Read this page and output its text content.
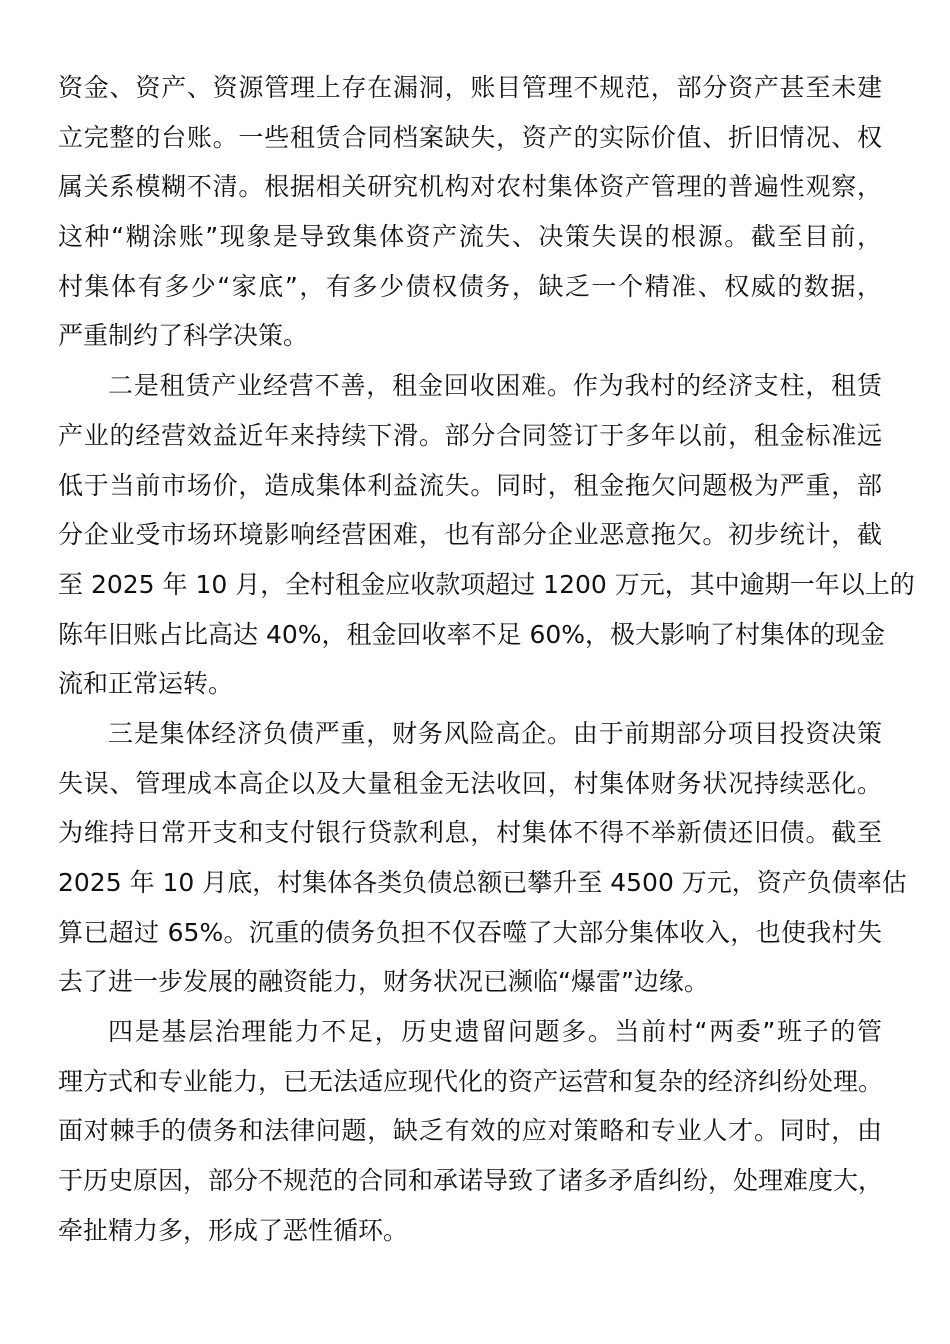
资金、资产、资源管理上存在漏洞，账目管理不规范，部分资产甚至未建
立完整的台账。一些租赁合同档案缺失，资产的实际价值、折旧情况、权
属关系模糊不清。根据相关研究机构对农村集体资产管理的普遍性观察，
这种“糊涂账”现象是导致集体资产流失、决策失误的根源。截至目前，
村集体有多少“家底”，有多少债权债务，缺乏一个精准、权威的数据，
严重制约了科学决策。
二是租赁产业经营不善，租金回收困难。作为我村的经济支柱，租赁
产业的经营效益近年来持续下滑。部分合同签订于多年以前，租金标准远
低于当前市场价，造成集体利益流失。同时，租金拖欠问题极为严重，部
分企业受市场环境影响经营困难，也有部分企业恶意拖欠。初步统计，截
至 2025 年 10 月，全村租金应收款项超过 1200 万元，其中逾期一年以上的
陈年旧账占比高达 40%，租金回收率不足 60%，极大影响了村集体的现金
流和正常运转。
三是集体经济负债严重，财务风险高企。由于前期部分项目投资决策
失误、管理成本高企以及大量租金无法收回，村集体财务状况持续恶化。
为维持日常开支和支付银行贷款利息，村集体不得不举新债还旧债。截至
2025 年 10 月底，村集体各类负债总额已攀升至 4500 万元，资产负债率估
算已超过 65%。沉重的债务负担不仅吞噬了大部分集体收入，也使我村失
去了进一步发展的融资能力，财务状况已濒临“爆雷”边缘。
四是基层治理能力不足，历史遗留问题多。当前村“两委”班子的管
理方式和专业能力，已无法适应现代化的资产运营和复杂的经济纠纷处理。
面对棘手的债务和法律问题，缺乏有效的应对策略和专业人才。同时，由
于历史原因，部分不规范的合同和承诺导致了诸多矛盾纠纷，处理难度大，
牵扯精力多，形成了恶性循环。
